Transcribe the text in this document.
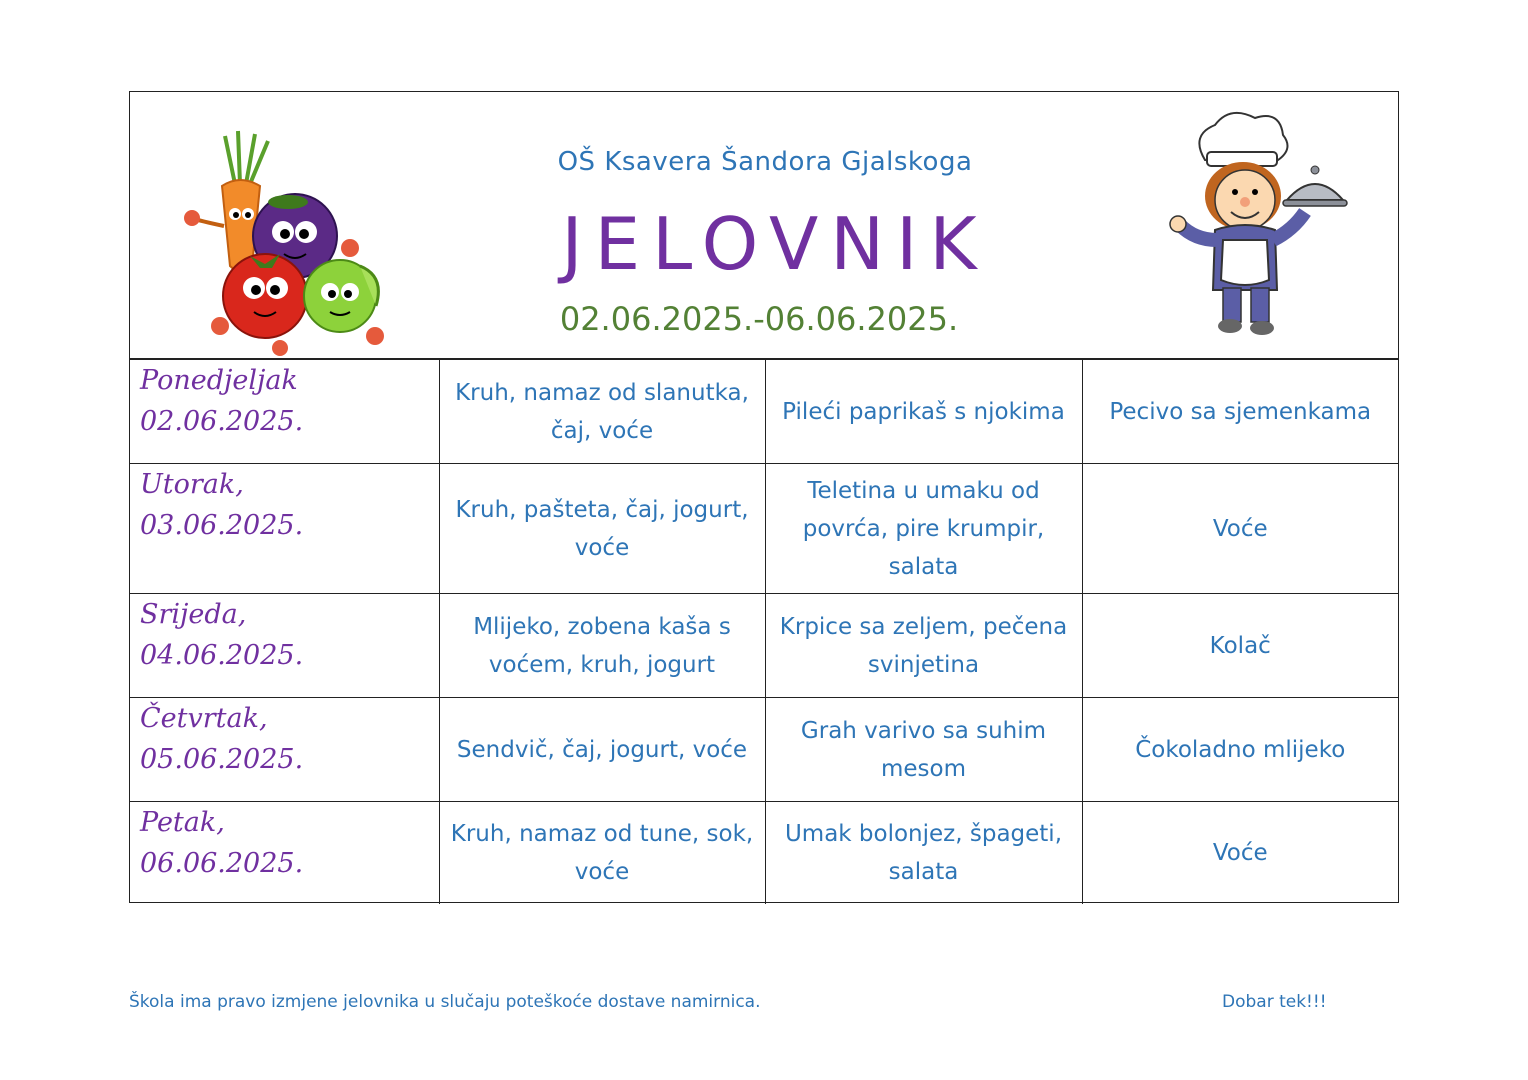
OŠ Ksavera Šandora Gjalskoga
JELOVNIK
02.06.2025.-06.06.2025.
Ponedjeljak
02.06.2025.	Kruh, namaz od slanutka, čaj, voće	Pileći paprikaš s njokima	Pecivo sa sjemenkama

Utorak,
03.06.2025.	Kruh, pašteta, čaj, jogurt, voće	Teletina u umaku od povrća, pire krumpir, salata	Voće

Srijeda,
04.06.2025.	Mlijeko, zobena kaša s voćem, kruh, jogurt	Krpice sa zeljem, pečena svinjetina	Kolač

Četvrtak,
05.06.2025.	Sendvič, čaj, jogurt, voće	Grah varivo sa suhim mesom	Čokoladno mlijeko

Petak,
06.06.2025.	Kruh, namaz od tune, sok, voće	Umak bolonjez, špageti, salata	Voće
Škola ima pravo izmjene jelovnika u slučaju poteškoće dostave namirnica.	Dobar tek!!!
